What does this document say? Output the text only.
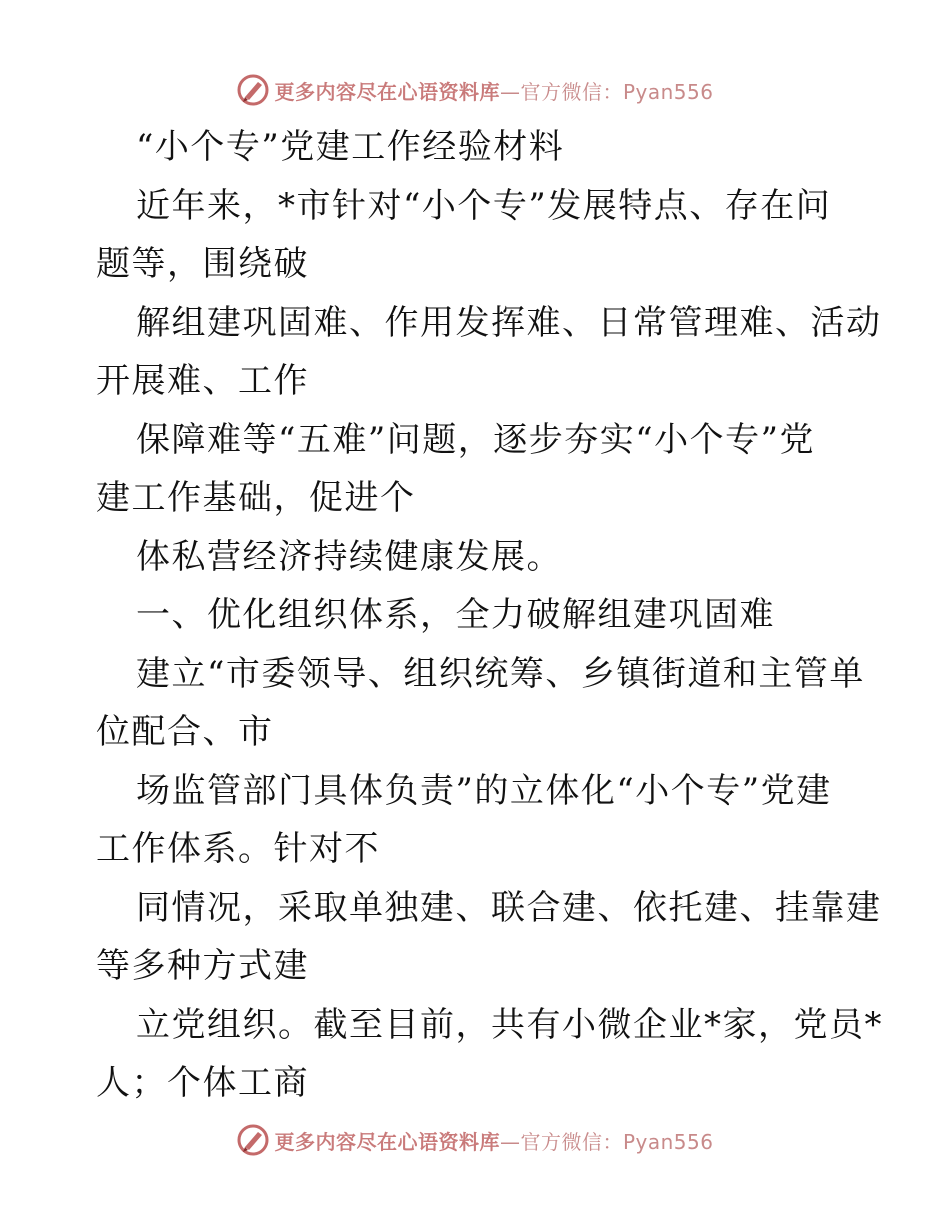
更多内容尽在心语资料库—官方微信：Pyan556
“小个专”党建工作经验材料
近年来，*市针对“小个专”发展特点、存在问
题等，围绕破
解组建巩固难、作用发挥难、日常管理难、活动
开展难、工作
保障难等“五难”问题，逐步夯实“小个专”党
建工作基础，促进个
体私营经济持续健康发展。
一、优化组织体系，全力破解组建巩固难
建立“市委领导、组织统筹、乡镇街道和主管单
位配合、市
场监管部门具体负责”的立体化“小个专”党建
工作体系。针对不
同情况，采取单独建、联合建、依托建、挂靠建
等多种方式建
立党组织。截至目前，共有小微企业*家，党员*
人；个体工商
更多内容尽在心语资料库—官方微信：Pyan556
